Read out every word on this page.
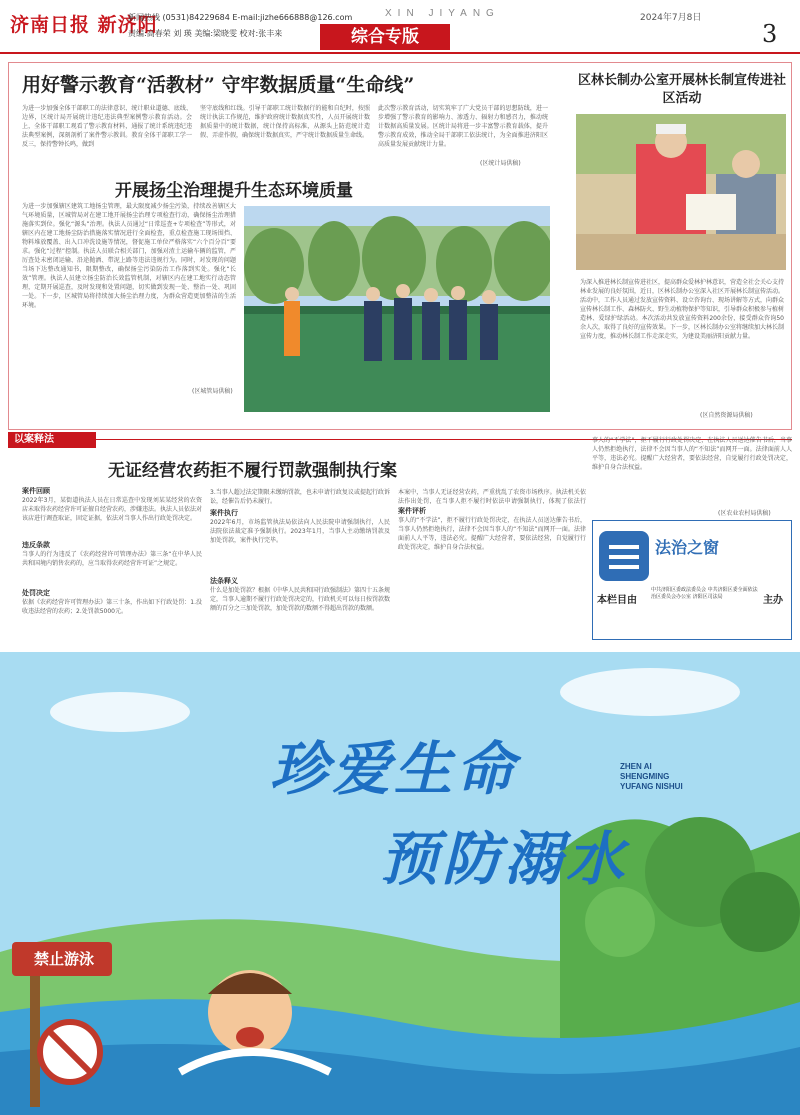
济南日报 新济阳
新闻热线 (0531)84229684 E-mail:jizhe666888@126.com
责编:高春荣 刘 瑛 美编:梁晓雯 校对:张丰来
XIN JIYANG	2024年7月8日
综合专版	3
用好警示教育“活教材” 守牢数据质量“生命线”
为进一步加强全体干部职工的法律意识、统计职业道德、底线、边界，区统计局开展统计违纪违法典型案例警示教育活动。会上，全体干部职工观看了警示教育材料，通报了统计系统违纪违法典型案例，深刻剖析了案件警示教训。教育全体干部职工学一反三，保持警钟长鸣，做到
坚守底线和红线。引导干部职工统计数据行的能和自纪时，按照统计执法工作规范，维护政府统计数据真实性，人员开展统计数据质量中的统计数据，统计保持高标准，从源头上防范统计造假、弄虚作假，确保统计数据真实，严守统计数据质量生命线。
此次警示教育活动，切实筑牢了广大党员干部的思想防线，进一步增强了警示教育的影响力、渗透力、辐射力和感召力，推动统计数据高质量发展。区统计局将进一步丰富警示教育载体，提升警示教育成效，推动全局干部职工依法统计，为全面推进济阳区高质量发展贡献统计力量。
(区统计局供稿)
开展扬尘治理提升生态环境质量
为进一步加强辖区建筑工地扬尘管理，最大限度减少扬尘污染，持续改善辖区大气环境质量，区城管局对在建工地开展扬尘治理专项检查行动，确保扬尘治理措施落实到位。强化“源头”治理。执法人员通过“日常巡查+专项检查”等形式，对辖区内在建工地扬尘防治措施落实情况进行全面检查，重点检查施工现场围挡、物料堆放覆盖、出入口冲洗设施等情况，督促施工单位严格落实“六个百分百”要求。强化“过程”控制。执法人员联合相关部门，加强对渣土运输车辆的监管，严厉查处未密闭运输、沿途抛洒、带泥上路等违法违规行为。同时，对发现的问题当场下达整改通知书，限期整改，确保扬尘污染防治工作落到实处。强化“长效”管理。执法人员建立扬尘防治长效监管机制，对辖区内在建工地实行动态管理，定期开展巡查，及时发现和处置问题，切实做到发现一处、整治一处、巩固一处。下一步，区城管局将持续加大扬尘治理力度，为群众营造更加整洁的生活环境。
(区城管局供稿)
区林长制办公室开展林长制宣传进社区活动
为深入推进林长制宣传进社区，提高群众爱林护林意识，营造全社会关心支持林业发展的良好氛围，近日，区林长制办公室深入社区开展林长制宣传活动。活动中，工作人员通过发放宣传资料、设立咨询台、现场讲解等方式，向群众宣传林长制工作、森林防火、野生动植物保护等知识，引导群众积极参与植树造林、爱绿护绿活动。本次活动共发放宣传资料200余份，接受群众咨询50余人次，取得了良好的宣传效果。下一步，区林长制办公室将继续加大林长制宣传力度，推动林长制工作走深走实，为建设美丽济阳贡献力量。
(区自然资源局供稿)
以案释法
无证经营农药拒不履行罚款强制执行案
案件回顾
2022年3月，某街道执法人员在日常巡查中发现刘某某经营的农资店未取得农药经营许可证擅自经营农药，涉嫌违法。执法人员依法对该店进行调查取证，固定证据，依法对当事人作出行政处罚决定。
违反条款
当事人的行为违反了《农药经营许可管理办法》第三条“在中华人民共和国境内销售农药的，应当取得农药经营许可证”之规定。
处罚决定
依据《农药经营许可管理办法》第三十条，作出如下行政处罚：1.没收违法经营的农药；2.处罚款5000元。
3.当事人超过法定期限未缴纳罚款，也未申请行政复议或提起行政诉讼，经催告后仍未履行。
案件执行
2022年6月，市场监管执法局依法向人民法院申请强制执行，人民法院依法裁定准予强制执行。2023年1月，当事人主动缴纳罚款及加处罚款，案件执行完毕。
法条释义
什么是加处罚款？根据《中华人民共和国行政强制法》第四十五条规定，当事人逾期不履行行政处罚决定的，行政机关可以每日按罚款数额的百分之三加处罚款，加处罚款的数额不得超出罚款的数额。
案件评析
本案中，当事人无证经营农药，严重扰乱了农资市场秩序。执法机关依法作出处罚，在当事人拒不履行时依法申请强制执行，体现了依法行
事人的“不学法”，拒不履行行政处罚决定，在执法人员送达催告书后，当事人仍然拒绝执行，法律不会因当事人的“不知法”而网开一面。法律面前人人平等，违法必究。提醒广大经营者，要依法经营，自觉履行行政处罚决定，维护自身合法权益。
事人的“不学法”，拒不履行行政处罚决定，在执法人员送达催告书后，当事人仍然拒绝执行，法律不会因当事人的“不知法”而网开一面。法律面前人人平等，违法必究。提醒广大经营者，要依法经营，自觉履行行政处罚决定，维护自身合法权益。
(区农业农村局供稿)
法治之窗
本栏目由
中共济阳区委政法委员会 中共济阳区委全面依法治区委员会办公室 济阳区司法局	主办
珍爱生命
预防溺水
ZHEN AI SHENGMING YUFANG NISHUI
禁止游泳
